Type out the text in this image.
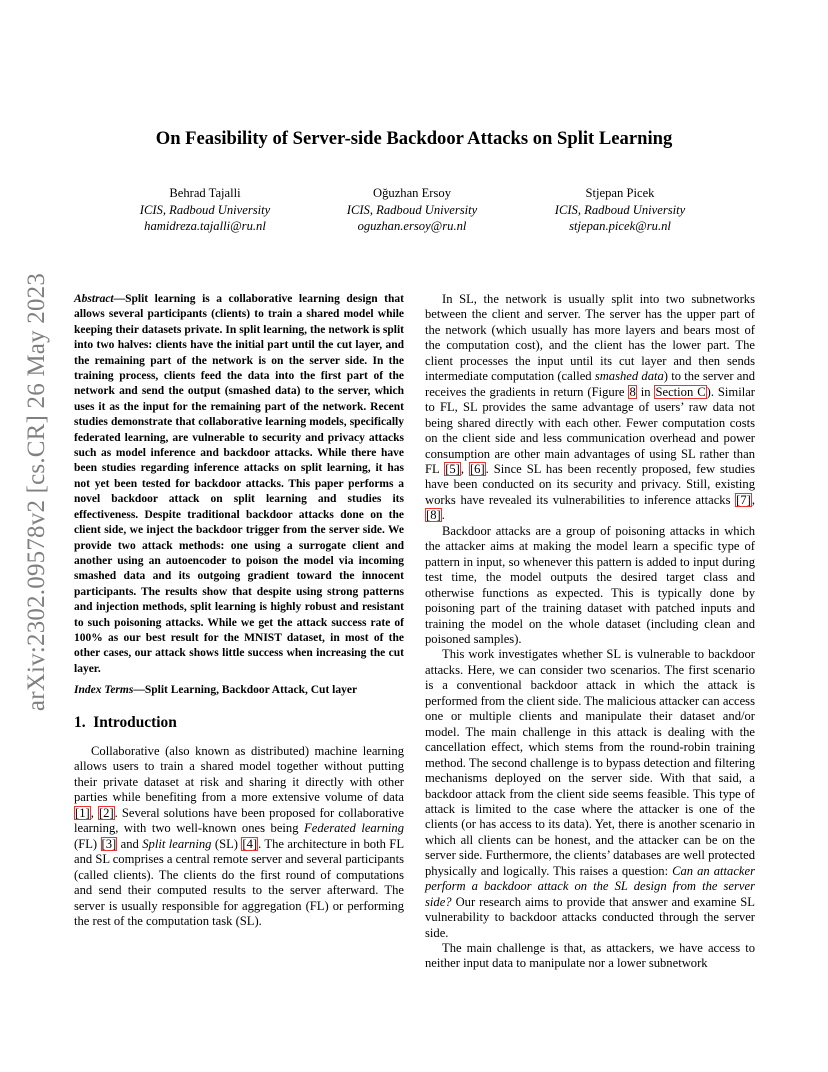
arXiv:2302.09578v2 [cs.CR] 26 May 2023
On Feasibility of Server-side Backdoor Attacks on Split Learning
Behrad Tajalli
ICIS, Radboud University
hamidreza.tajalli@ru.nl
Oğuzhan Ersoy
ICIS, Radboud University
oguzhan.ersoy@ru.nl
Stjepan Picek
ICIS, Radboud University
stjepan.picek@ru.nl

Abstract—Split learning is a collaborative learning design that allows several participants (clients) to train a shared model while keeping their datasets private. In split learning, the network is split into two halves: clients have the initial part until the cut layer, and the remaining part of the network is on the server side. In the training process, clients feed the data into the first part of the network and send the output (smashed data) to the server, which uses it as the input for the remaining part of the network. Recent studies demonstrate that collaborative learning models, specifically federated learning, are vulnerable to security and privacy attacks such as model inference and backdoor attacks. While there have been studies regarding inference attacks on split learning, it has not yet been tested for backdoor attacks. This paper performs a novel backdoor attack on split learning and studies its effectiveness. Despite traditional backdoor attacks done on the client side, we inject the backdoor trigger from the server side. We provide two attack methods: one using a surrogate client and another using an autoencoder to poison the model via incoming smashed data and its outgoing gradient toward the innocent participants. The results show that despite using strong patterns and injection methods, split learning is highly robust and resistant to such poisoning attacks. While we get the attack success rate of 100% as our best result for the MNIST dataset, in most of the other cases, our attack shows little success when increasing the cut layer.

Index Terms—Split Learning, Backdoor Attack, Cut layer

1. Introduction

Collaborative (also known as distributed) machine learning allows users to train a shared model together without putting their private dataset at risk and sharing it directly with other parties while benefiting from a more extensive volume of data [1], [2]. Several solutions have been proposed for collaborative learning, with two well-known ones being Federated learning (FL) [3] and Split learning (SL) [4]. The architecture in both FL and SL comprises a central remote server and several participants (called clients). The clients do the first round of computations and send their computed results to the server afterward. The server is usually responsible for aggregation (FL) or performing the rest of the computation task (SL).

In SL, the network is usually split into two subnetworks between the client and server. The server has the upper part of the network (which usually has more layers and bears most of the computation cost), and the client has the lower part. The client processes the input until its cut layer and then sends intermediate computation (called smashed data) to the server and receives the gradients in return (Figure 8 in Section C). Similar to FL, SL provides the same advantage of users’ raw data not being shared directly with each other. Fewer computation costs on the client side and less communication overhead and power consumption are other main advantages of using SL rather than FL [5], [6]. Since SL has been recently proposed, few studies have been conducted on its security and privacy. Still, existing works have revealed its vulnerabilities to inference attacks [7], [8].

Backdoor attacks are a group of poisoning attacks in which the attacker aims at making the model learn a specific type of pattern in input, so whenever this pattern is added to input during test time, the model outputs the desired target class and otherwise functions as expected. This is typically done by poisoning part of the training dataset with patched inputs and training the model on the whole dataset (including clean and poisoned samples).

This work investigates whether SL is vulnerable to backdoor attacks. Here, we can consider two scenarios. The first scenario is a conventional backdoor attack in which the attack is performed from the client side. The malicious attacker can access one or multiple clients and manipulate their dataset and/or model. The main challenge in this attack is dealing with the cancellation effect, which stems from the round-robin training method. The second challenge is to bypass detection and filtering mechanisms deployed on the server side. With that said, a backdoor attack from the client side seems feasible. This type of attack is limited to the case where the attacker is one of the clients (or has access to its data). Yet, there is another scenario in which all clients can be honest, and the attacker can be on the server side. Furthermore, the clients’ databases are well protected physically and logically. This raises a question: Can an attacker perform a backdoor attack on the SL design from the server side? Our research aims to provide that answer and examine SL vulnerability to backdoor attacks conducted through the server side.

The main challenge is that, as attackers, we have access to neither input data to manipulate nor a lower subnetwork
